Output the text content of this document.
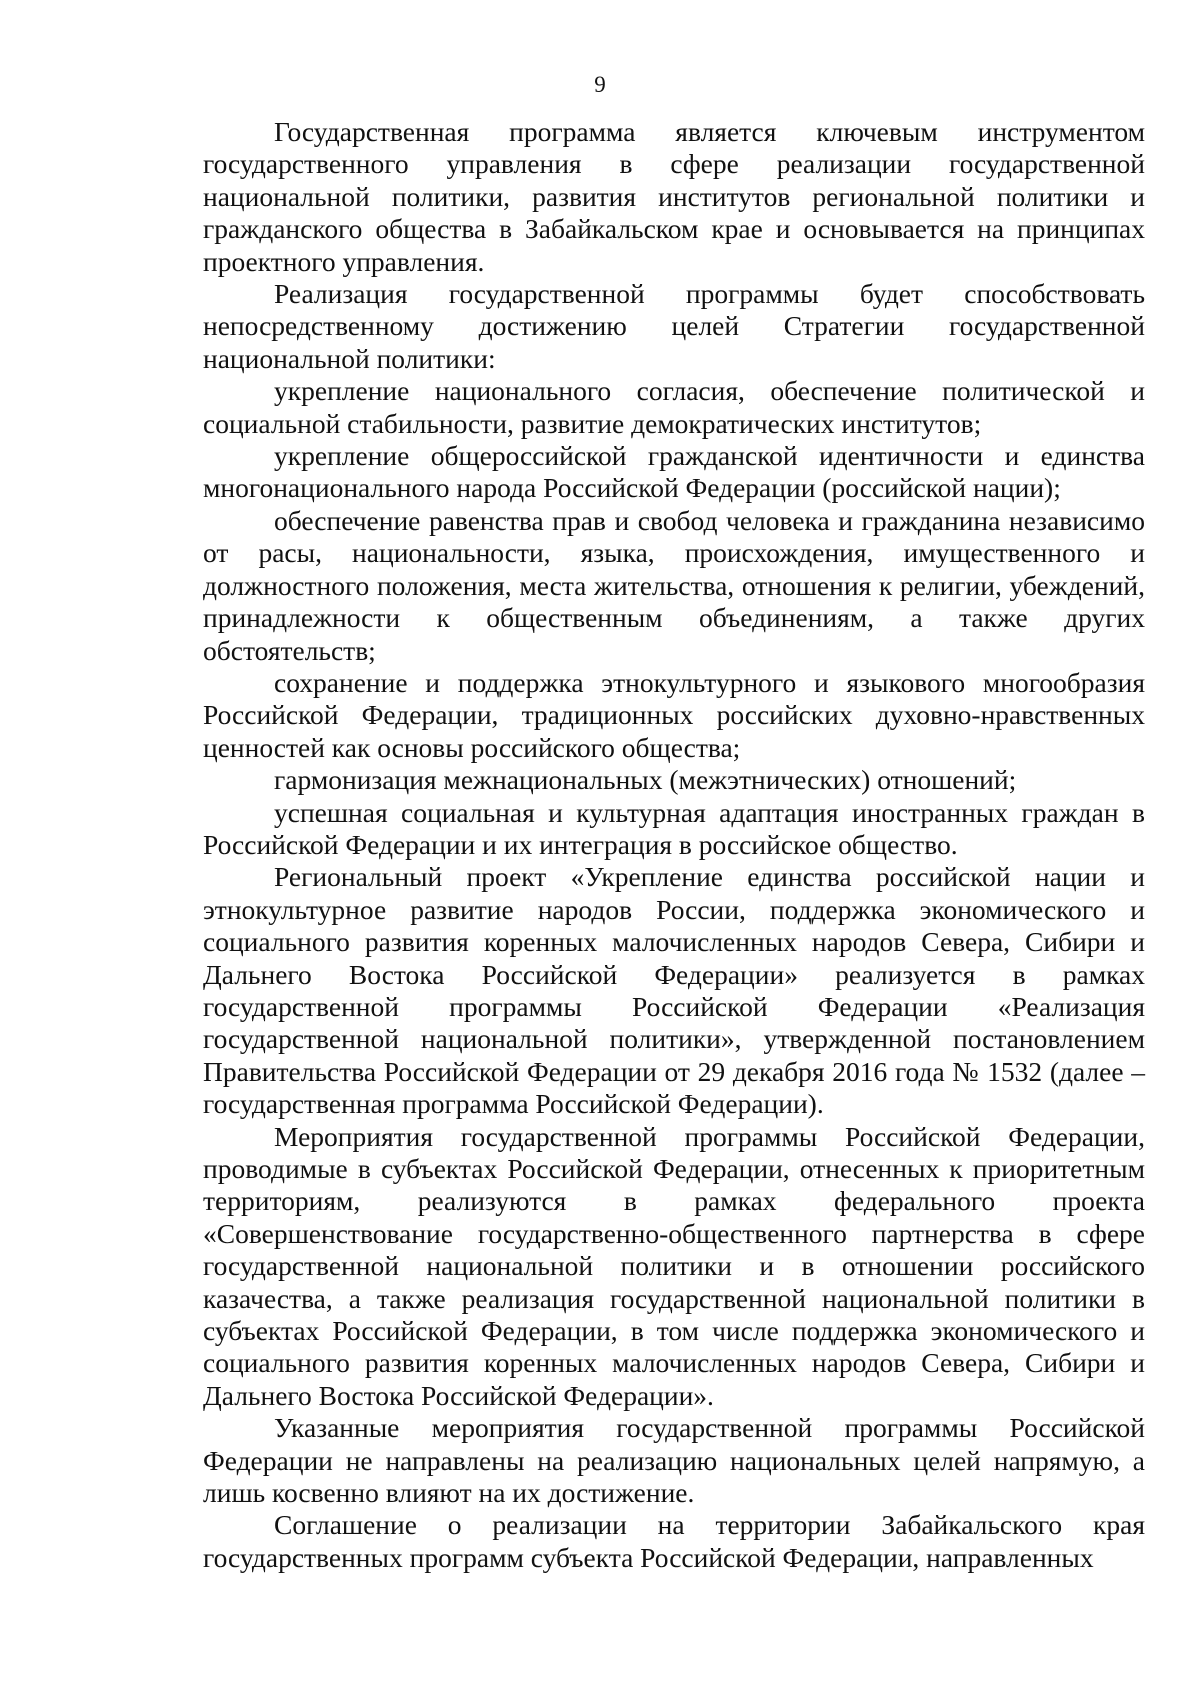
9

Государственная программа является ключевым инструментом государственного управления в сфере реализации государственной национальной политики, развития институтов региональной политики и гражданского общества в Забайкальском крае и основывается на принципах проектного управления.

Реализация государственной программы будет способствовать непосредственному достижению целей Стратегии государственной национальной политики:

укрепление национального согласия, обеспечение политической и социальной стабильности, развитие демократических институтов;

укрепление общероссийской гражданской идентичности и единства многонационального народа Российской Федерации (российской нации);

обеспечение равенства прав и свобод человека и гражданина независимо от расы, национальности, языка, происхождения, имущественного и должностного положения, места жительства, отношения к религии, убеждений, принадлежности к общественным объединениям, а также других обстоятельств;

сохранение и поддержка этнокультурного и языкового многообразия Российской Федерации, традиционных российских духовно-нравственных ценностей как основы российского общества;

гармонизация межнациональных (межэтнических) отношений;

успешная социальная и культурная адаптация иностранных граждан в Российской Федерации и их интеграция в российское общество.

Региональный проект «Укрепление единства российской нации и этнокультурное развитие народов России, поддержка экономического и социального развития коренных малочисленных народов Севера, Сибири и Дальнего Востока Российской Федерации» реализуется в рамках государственной программы Российской Федерации «Реализация государственной национальной политики», утвержденной постановлением Правительства Российской Федерации от 29 декабря 2016 года № 1532 (далее – государственная программа Российской Федерации).

Мероприятия государственной программы Российской Федерации, проводимые в субъектах Российской Федерации, отнесенных к приоритетным территориям, реализуются в рамках федерального проекта «Совершенствование государственно-общественного партнерства в сфере государственной национальной политики и в отношении российского казачества, а также реализация государственной национальной политики в субъектах Российской Федерации, в том числе поддержка экономического и социального развития коренных малочисленных народов Севера, Сибири и Дальнего Востока Российской Федерации».

Указанные мероприятия государственной программы Российской Федерации не направлены на реализацию национальных целей напрямую, а лишь косвенно влияют на их достижение.

Соглашение о реализации на территории Забайкальского края государственных программ субъекта Российской Федерации, направленных
